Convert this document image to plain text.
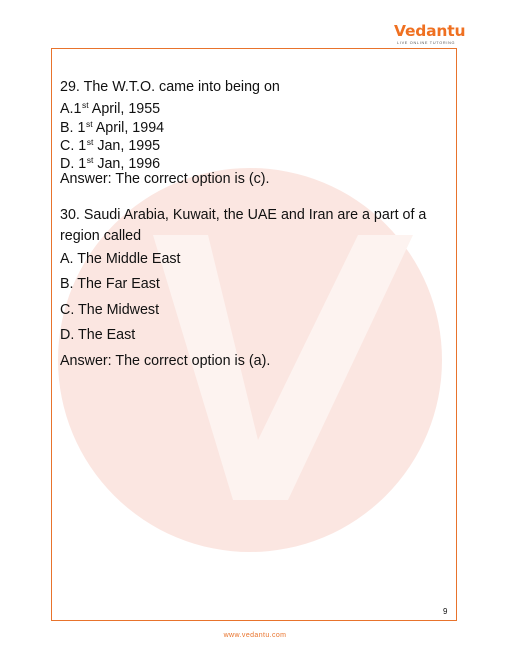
Vedantu
LIVE ONLINE TUTORING
29. The W.T.O. came into being on
A.1st April, 1955
B. 1st April, 1994
C. 1st Jan, 1995
D. 1st Jan, 1996
Answer: The correct option is (c).
30. Saudi Arabia, Kuwait, the UAE and Iran are a part of a region called
A. The Middle East
B. The Far East
C. The Midwest
D. The East
Answer: The correct option is (a).
9
www.vedantu.com
